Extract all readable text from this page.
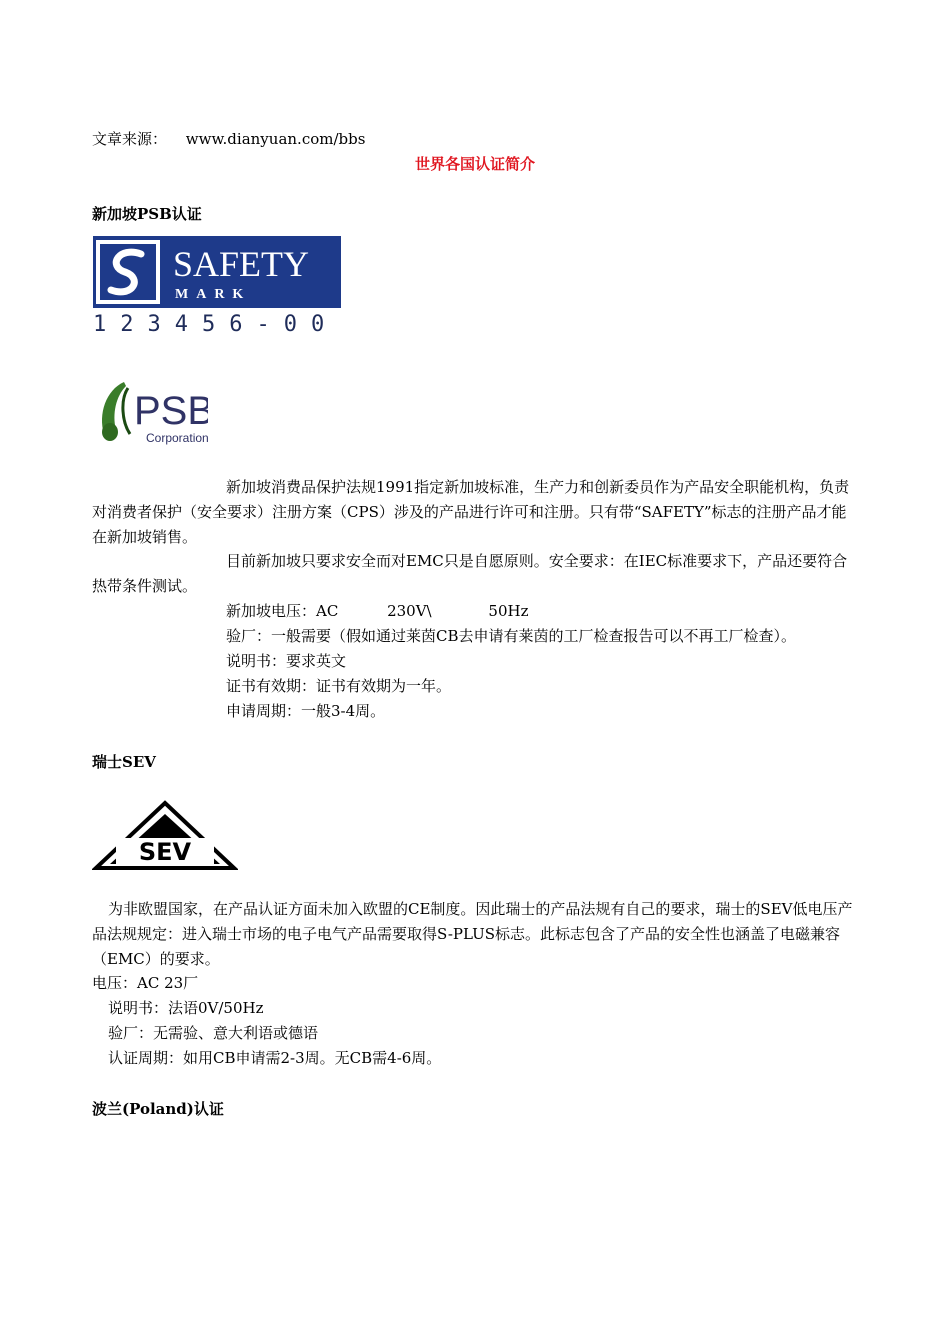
文章来源： www.dianyuan.com/bbs
世界各国认证简介
新加坡PSB认证
SAFETY
MARK
123456-00
PSB
Corporation
新加坡消费品保护法规1991指定新加坡标准，生产力和创新委员作为产品安全职能机构，负责对消费者保护（安全要求）注册方案（CPS）涉及的产品进行许可和注册。只有带“SAFETY”标志的注册产品才能在新加坡销售。
目前新加坡只要求安全而对EMC只是自愿原则。安全要求：在IEC标准要求下，产品还要符合热带条件测试。
新加坡电压：AC	230V\	50Hz
验厂：一般需要（假如通过莱茵CB去申请有莱茵的工厂检查报告可以不再工厂检查）。
说明书：要求英文
证书有效期：证书有效期为一年。
申请周期：一般3-4周。
瑞士SEV
SEV
为非欧盟国家，在产品认证方面未加入欧盟的CE制度。因此瑞士的产品法规有自己的要求，瑞士的SEV低电压产品法规规定：进入瑞士市场的电子电气产品需要取得S-PLUS标志。此标志包含了产品的安全性也涵盖了电磁兼容（EMC）的要求。
电压：AC 23厂
说明书：法语0V/50Hz
验厂：无需验、意大利语或德语
认证周期：如用CB申请需2-3周。无CB需4-6周。
波兰(Poland)认证
